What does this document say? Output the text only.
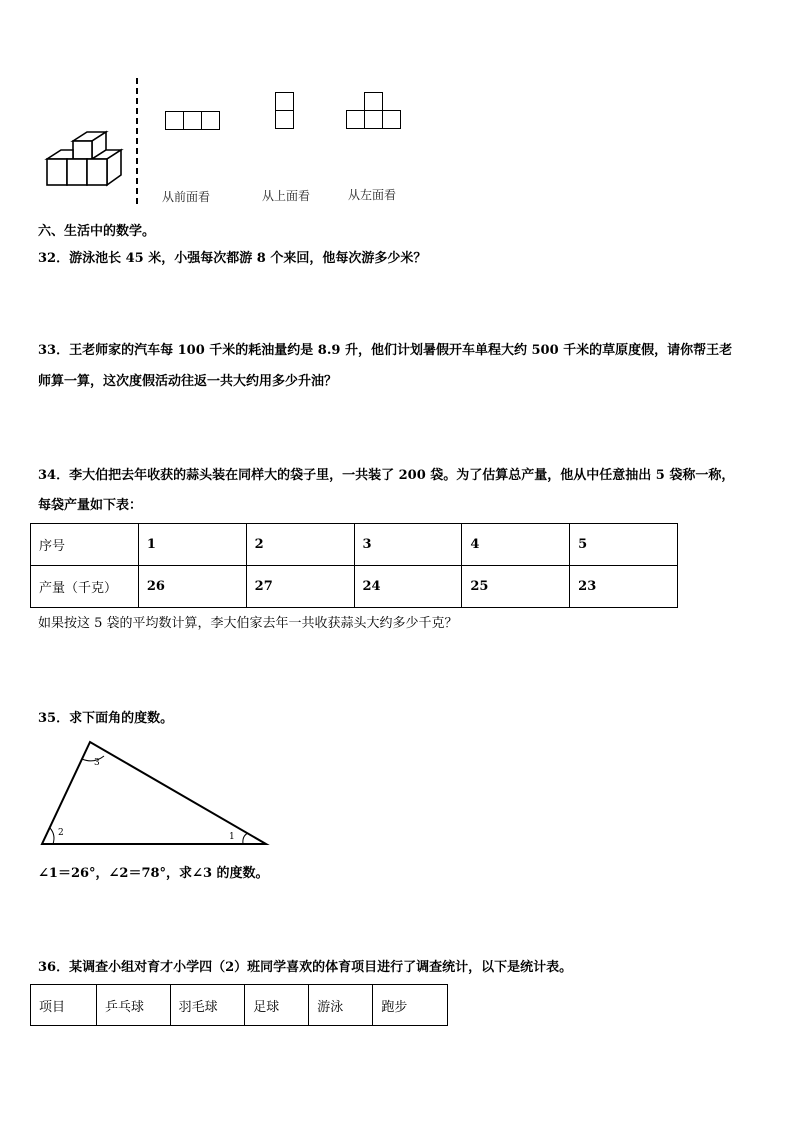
从前面看	从上面看	从左面看
六、生活中的数学。
32．游泳池长 45 米，小强每次都游 8 个来回，他每次游多少米？
33．王老师家的汽车每 100 千米的耗油量约是 8.9 升，他们计划暑假开车单程大约 500 千米的草原度假，请你帮王老
师算一算，这次度假活动往返一共大约用多少升油？
34．李大伯把去年收获的蒜头装在同样大的袋子里，一共装了 200 袋。为了估算总产量，他从中任意抽出 5 袋称一称，
每袋产量如下表：
序号	1	2	3	4	5
产量（千克）	26	27	24	25	23
如果按这 5 袋的平均数计算，李大伯家去年一共收获蒜头大约多少千克？
35．求下面角的度数。
3
2	1
∠1＝26°，∠2＝78°，求∠3 的度数。
36．某调查小组对育才小学四（2）班同学喜欢的体育项目进行了调查统计，以下是统计表。
项目	乒乓球	羽毛球	足球	游泳	跑步
